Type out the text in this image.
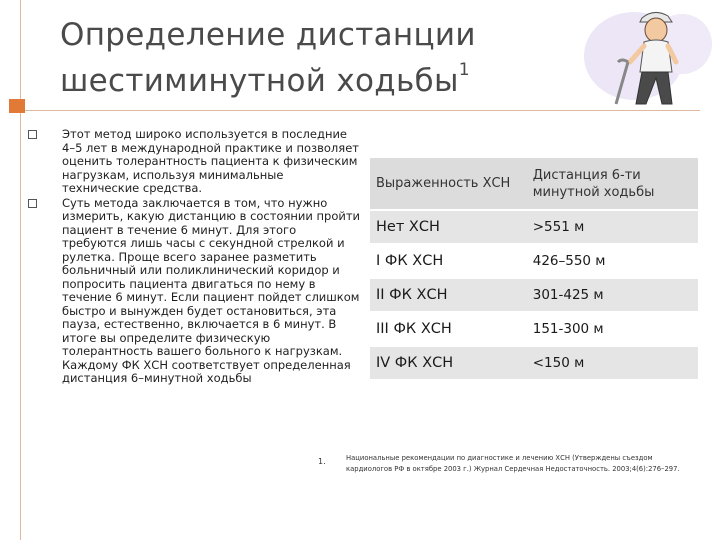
Определение дистанции
шестиминутной ходьбы$^1$
Этот метод широко используется в последние 4–5 лет в международной практике и позволяет оценить толерантность пациента к физическим нагрузкам, используя минимальные технические средства.
Суть метода заключается в том, что нужно измерить, какую дистанцию в состоянии пройти пациент в течение 6 минут. Для этого требуются лишь часы с секундной стрелкой и рулетка. Проще всего заранее разметить больничный или поликлинический коридор и попросить пациента двигаться по нему в течение 6 минут. Если пациент пойдет слишком быстро и вынужден будет остановиться, эта пауза, естественно, включается в 6 минут. В итоге вы определите физическую толерантность вашего больного к нагрузкам. Каждому ФК ХСН соответствует определенная дистанция 6–минутной ходьбы
Выраженность ХСН	Дистанция 6-ти минутной ходьбы
Нет ХСН	>551 м
I ФК ХСН	426–550 м
II ФК ХСН	301-425 м
III ФК ХСН	151-300 м
IV ФК ХСН	<150 м
1.	Национальные рекомендации по диагностике и лечению ХСН (Утверждены съездом кардиологов РФ в октябре 2003 г.) Журнал Сердечная Недостаточность. 2003;4(6):276–297.
